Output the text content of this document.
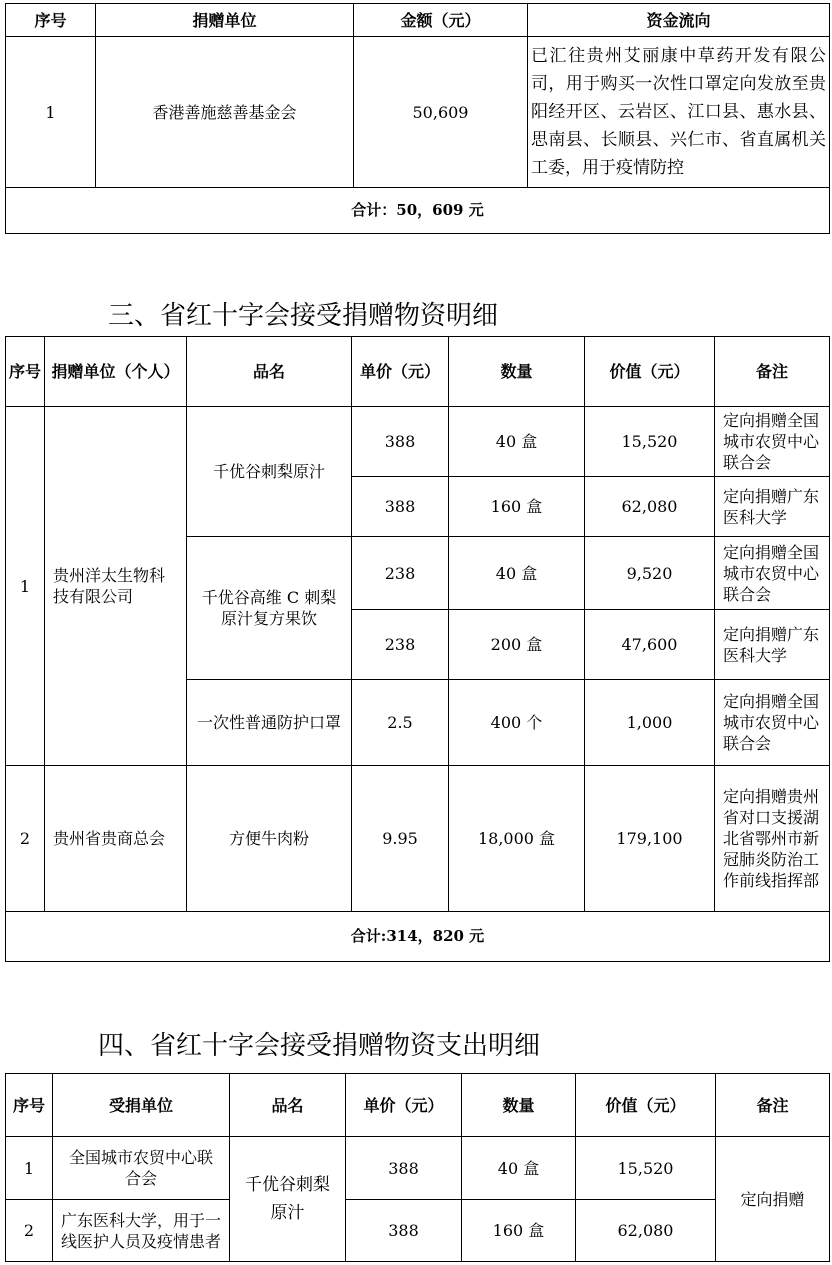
序号	捐赠单位	金额（元）	资金流向
1	香港善施慈善基金会	50,609	已汇往贵州艾丽康中草药开发有限公司，用于购买一次性口罩定向发放至贵阳经开区、云岩区、江口县、惠水县、思南县、长顺县、兴仁市、省直属机关工委，用于疫情防控
合计：50，609 元			
三、省红十字会接受捐赠物资明细
序号	捐赠单位（个人）	品名	单价（元）	数量	价值（元）	备注
1	贵州洋太生物科技有限公司	千优谷刺梨原汁	388	40 盒	15,520	定向捐赠全国城市农贸中心联合会
			388	160 盒	62,080	定向捐赠广东医科大学
		千优谷高维 C 刺梨原汁复方果饮	238	40 盒	9,520	定向捐赠全国城市农贸中心联合会
			238	200 盒	47,600	定向捐赠广东医科大学
		一次性普通防护口罩	2.5	400 个	1,000	定向捐赠全国城市农贸中心联合会
2	贵州省贵商总会	方便牛肉粉	9.95	18,000 盒	179,100	定向捐赠贵州省对口支援湖北省鄂州市新冠肺炎防治工作前线指挥部
合计:314，820 元						
四、省红十字会接受捐赠物资支出明细
序号	受捐单位	品名	单价（元）	数量	价值（元）	备注
1	全国城市农贸中心联合会	千优谷刺梨原汁	388	40 盒	15,520	定向捐赠
2	广东医科大学，用于一线医护人员及疫情患者		388	160 盒	62,080	
